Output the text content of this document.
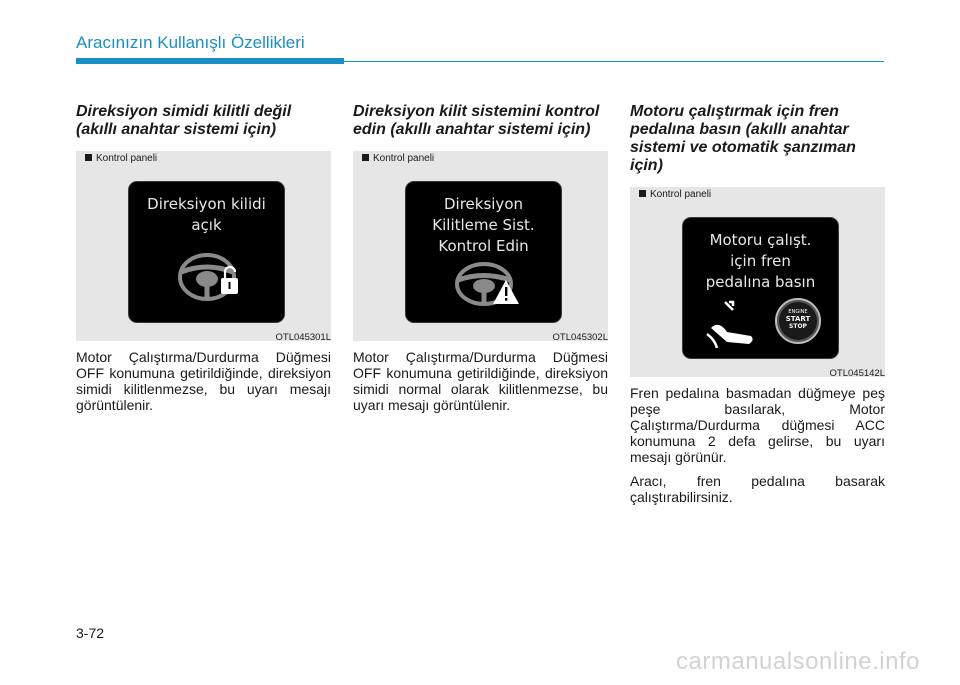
Aracınızın Kullanışlı Özellikleri
Direksiyon simidi kilitli değil
(akıllı anahtar sistemi için)
Kontrol paneli
Direksiyon kilidi
açık
OTL045301L
Motor Çalıştırma/Durdurma Düğmesi OFF konumuna getirildiğinde, direksiyon simidi kilitlenmezse, bu uyarı mesajı görüntülenir.
Direksiyon kilit sistemini kontrol
edin (akıllı anahtar sistemi için)
Kontrol paneli
Direksiyon
Kilitleme Sist.
Kontrol Edin
OTL045302L
Motor Çalıştırma/Durdurma Düğmesi OFF konumuna getirildiğinde, direksiyon simidi normal olarak kilitlenmezse, bu uyarı mesajı görüntülenir.
Motoru çalıştırmak için fren
pedalına basın (akıllı anahtar
sistemi ve otomatik şanzıman
için)
Kontrol paneli
Motoru çalışt.
için fren
pedalına basın
ENGINE
START
STOP
OTL045142L
Fren pedalına basmadan düğmeye peş peşe basılarak, Motor Çalıştırma/Durdurma düğmesi ACC konumuna 2 defa gelirse, bu uyarı mesajı görünür.
Aracı, fren pedalına basarak çalıştırabilirsiniz.
3-72
carmanualsonline.info
